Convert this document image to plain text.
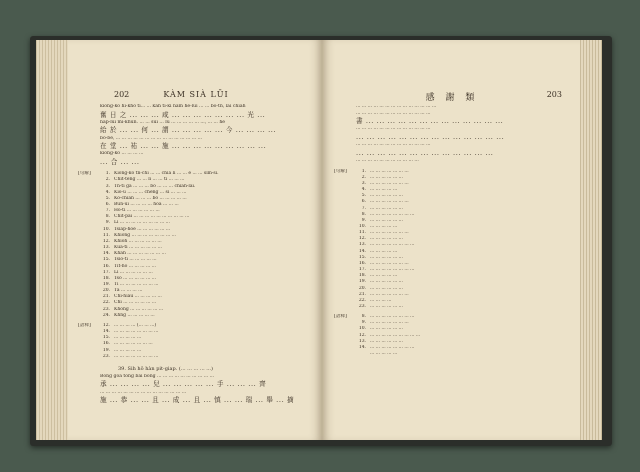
202	KÀM SIÀ LŪI
kiòng-kò hî-kho ti... ... kah ti-ki hàm hê-lūi ... ... bô-tn, lâi chiah
奮 日 之 ... ... ... 咸 ... ... ... ... ... ... ... 光 ...
hap-lūi mi-khûn. ... ... sui ... lu ... ... ... ... ... ..., ... ... hê
給 於 ... ... 何 ... 謂 ... ... ... ... ... 今 ... ... ... ...
bô-bē, ... ... ... ... ... ... ... ... ... ... ... ... ... ... ...
在 堂 ... 祐 ... ... 施 ... ... ... ... ... ... ... ... ...
kiòng-kò ... ... ... ...
... 合 ... ...
[句解]	1. Kióng-kò tn-chi ... ... chia lí ... ... ê ... ... sim-sī.
2. Chit-téng ... ... lí ... ... tì ... ... ...
3. Tn-ti gâ ... ... ... bô ... ... ... chiah-lâi.
4. Kiò-ū ... ... ... chêng ... sī ... ... ...
5. Ko-chiân ... ... ... bô ... ... ... ... ...
6. Bun-ūi ... ... ... ... hôa ... ... ...
7. Ho-ti ... ... ... ... ... ...
8. Chit-pái ... ... ... ... ... ... ... ... ... ...
9. Lí ... ... ... ... ... ... ... ... ...
10. Tsiap-hóe ... ... ... ... ... ...
11. Khióng ... ... ... ... ... ... ... ...
12. Khioh ... ... ... ... ... ...
13. Kua-ti ... ... ... ... ... ...
14. Khah ... ... ... ... ... ... ...
15. Tsio-ti ... ... ... ... ...
16. Tit-hō ... ... ... ... ...
17. Lí ... ... ... ... ... ...
18. Tsô ... ... ... ... ... ...
19. Tí ... ... ... ... ... ... ...
20. Tâ ... ... ... ...
21. Chí-hiau ... ... ... ... ...
22. Chi ... ... ... ... ... ...
23. Khóng ... ... ... ... ... ...
24. Khng ... ... ... ... ...
[語釋]	12. ... ... ... ... (... ... ...)
14. ... ... ... ... ... ... ... ...
15. ... ... ... ... ...
16. ... ... ... ... ... ... ...
19. ... ... ... ... ...
23. ... ... ... ... ... ... ... ...
39. Sih hô hàn pit-giap. (... ... ... ... ...)
Bông góa tông bāi bông ... ... ... ... ... ... ... ... ... ...
承 ... ... ... ... 兒 ... ... ... ... ... 手 ... ... ... 齊
... ... ... ... ... ... ... ... ... ... ... ... ... ... ...
施 ... 恭 ... ... 且 ... 成 ... 且 ... 慎 ... ... 瑞 ... 舉 ... 摘
感 謝 類	203
... ... ... ... ... ... ... ... ... ... ... ... ... ...
... ... ... ... ... ... ... ... ... ... ... ... ...
書 ... ... ... ... ... ... ... ... ... ... ... ... ...
... ... ... ... ... ... ... ... ... ... ... ... ...
... ... ... ... ... ... ... ... ... ... ... ... ... ...
... ... ... ... ... ... ... ... ... ... ... ... ...
... ... ... ... ... ... ... ... ... ... ... ... ...
... ... ... ... ... ... ... ... ... ... ...
[句解]	1. ... ... ... ... ... ... ...
2. ... ... ... ... ... ...
3. ... ... ... ... ... ... ...
4. ... ... ... ... ...
5. ... ... ... ... ... ...
6. ... ... ... ... ... ... ...
7. ... ... ... ... ... ...
8. ... ... ... ... ... ... ... ...
9. ... ... ... ... ... ...
10. ... ... ... ... ...
11. ... ... ... ... ... ... ...
12. ... ... ... ... ... ...
13. ... ... ... ... ... ... ... ...
14. ... ... ... ... ...
15. ... ... ... ... ... ...
16. ... ... ... ... ... ... ...
17. ... ... ... ... ... ... ... ...
18. ... ... ... ... ...
19. ... ... ... ... ... ...
20. ... ... ... ... ... ...
21. ... ... ... ... ... ... ...
22. ... ... ... ...
23. ... ... ... ... ... ...
[語釋]	8. ... ... ... ... ... ... ... ...
9. ... ... ... ... ... ... ...
10. ... ... ... ... ... ...
12. ... ... ... ... ... ... ... ... ...
13. ... ... ... ... ... ...
14. ... ... ... ... ... ... ... ...
... ... ... ... ...
